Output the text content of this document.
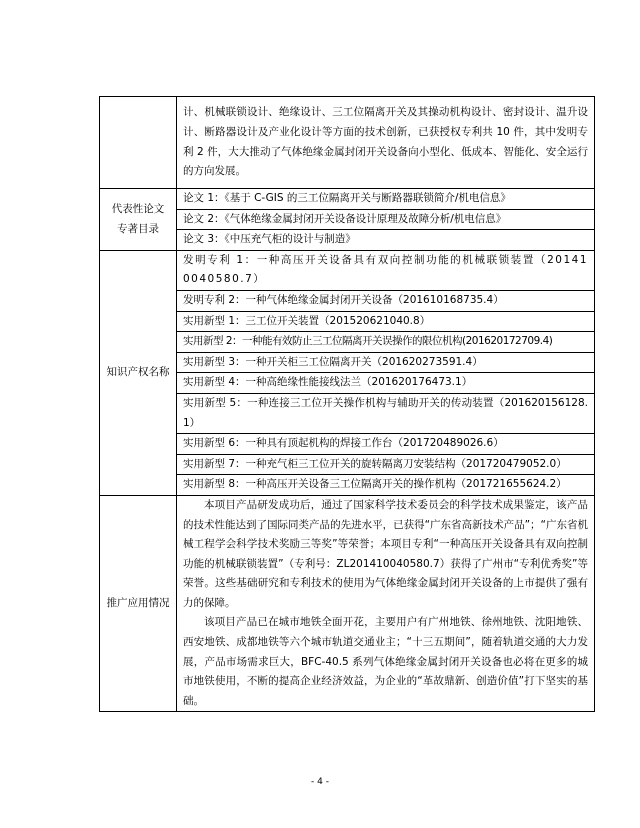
	计、机械联锁设计、绝缘设计、三工位隔离开关及其操动机构设计、密封设计、温升设计、断路器设计及产业化设计等方面的技术创新，已获授权专利共 10 件，其中发明专利 2 件，大大推动了气体绝缘金属封闭开关设备向小型化、低成本、智能化、安全运行的方向发展。
代表性论文
专著目录	论文 1：《基于 C-GIS 的三工位隔离开关与断路器联锁简介/机电信息》

	论文 2：《气体绝缘金属封闭开关设备设计原理及故障分析/机电信息》

	论文 3：《中压充气柜的设计与制造》

知识产权名称	发明专利 1：一种高压开关设备具有双向控制功能的机械联锁装置（201410040580.7）

	发明专利 2：一种气体绝缘金属封闭开关设备（201610168735.4）

	实用新型 1：三工位开关装置（201520621040.8）

	实用新型 2：一种能有效防止三工位隔离开关误操作的限位机构(201620172709.4)

	实用新型 3：一种开关柜三工位隔离开关（201620273591.4）

	实用新型 4：一种高绝缘性能接线法兰（201620176473.1）

	实用新型 5：一种连接三工位开关操作机构与辅助开关的传动装置（201620156128.1）

	实用新型 6：一种具有顶起机构的焊接工作台（201720489026.6）

	实用新型 7：一种充气柜三工位开关的旋转隔离刀安装结构（201720479052.0）

	实用新型 8：一种高压开关设备三工位隔离开关的操作机构（201721655624.2）

推广应用情况	本项目产品研发成功后，通过了国家科学技术委员会的科学技术成果鉴定，该产品的技术性能达到了国际同类产品的先进水平，已获得“广东省高新技术产品”；“广东省机械工程学会科学技术奖励三等奖”等荣誉；本项目专利“一种高压开关设备具有双向控制功能的机械联锁装置”（专利号：ZL201410040580.7）获得了广州市“专利优秀奖”等荣誉。这些基础研究和专利技术的使用为气体绝缘金属封闭开关设备的上市提供了强有力的保障。

该项目产品已在城市地铁全面开花，主要用户有广州地铁、徐州地铁、沈阳地铁、西安地铁、成都地铁等六个城市轨道交通业主；“十三五期间”，随着轨道交通的大力发展，产品市场需求巨大，BFC-40.5 系列气体绝缘金属封闭开关设备也必将在更多的城市地铁使用，不断的提高企业经济效益，为企业的“革故鼎新、创造价值”打下坚实的基础。

- 4 -
